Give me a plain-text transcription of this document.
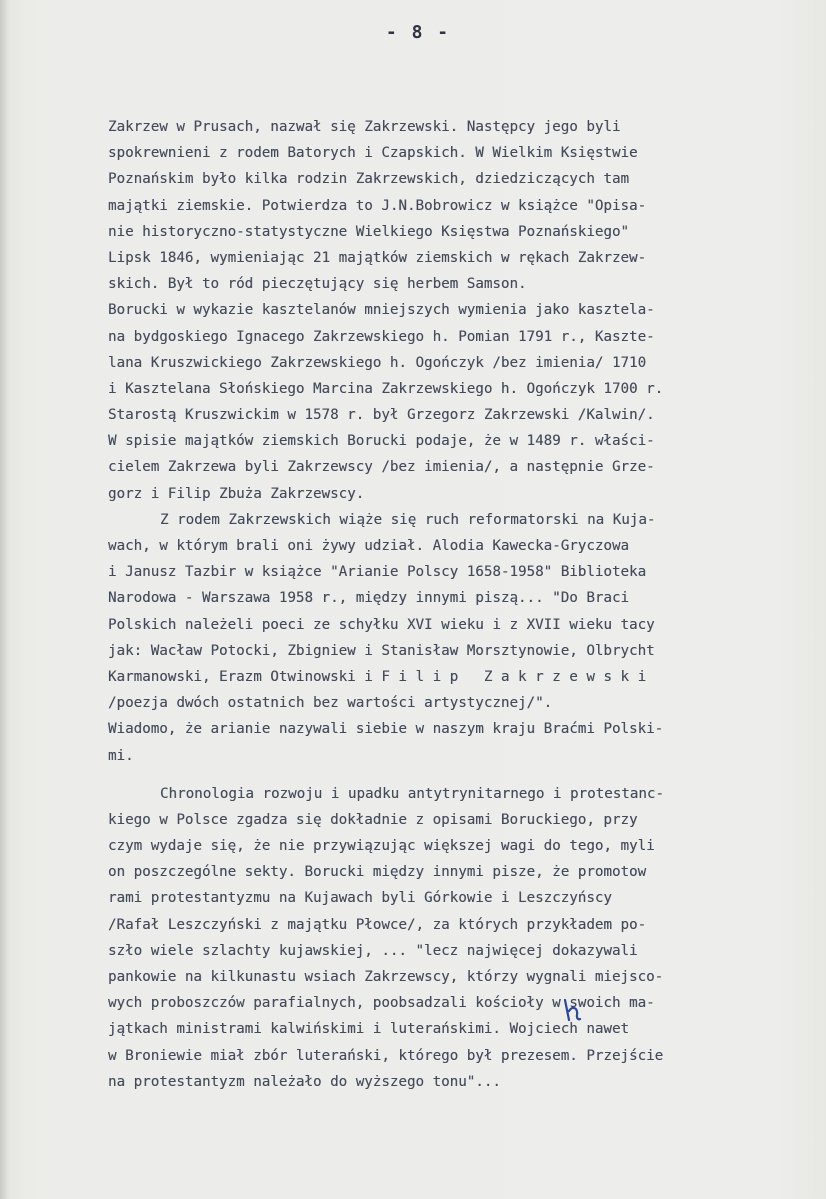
- 8 -
Zakrzew w Prusach, nazwał się Zakrzewski. Następcy jego byli
spokrewnieni z rodem Batorych i Czapskich. W Wielkim Księstwie
Poznańskim było kilka rodzin Zakrzewskich, dziedziczących tam
majątki ziemskie. Potwierdza to J.N.Bobrowicz w książce "Opisa-
nie historyczno-statystyczne Wielkiego Księstwa Poznańskiego"
Lipsk 1846, wymieniając 21 majątków ziemskich w rękach Zakrzew-
skich. Był to ród pieczętujący się herbem Samson.
Borucki w wykazie kasztelanów mniejszych wymienia jako kasztela-
na bydgoskiego Ignacego Zakrzewskiego h. Pomian 1791 r., Kaszte-
lana Kruszwickiego Zakrzewskiego h. Ogończyk /bez imienia/ 1710
i Kasztelana Słońskiego Marcina Zakrzewskiego h. Ogończyk 1700 r.
Starostą Kruszwickim w 1578 r. był Grzegorz Zakrzewski /Kalwin/.
W spisie majątków ziemskich Borucki podaje, że w 1489 r. właści-
cielem Zakrzewa byli Zakrzewscy /bez imienia/, a następnie Grze-
gorz i Filip Zbuża Zakrzewscy.
Z rodem Zakrzewskich wiąże się ruch reformatorski na Kuja-
wach, w którym brali oni żywy udział. Alodia Kawecka-Gryczowa
i Janusz Tazbir w książce "Arianie Polscy 1658-1958" Biblioteka
Narodowa - Warszawa 1958 r., między innymi piszą... "Do Braci
Polskich należeli poeci ze schyłku XVI wieku i z XVII wieku tacy
jak: Wacław Potocki, Zbigniew i Stanisław Morsztynowie, Olbrycht
Karmanowski, Erazm Otwinowski i F i l i p   Z a k r z e w s k i
/poezja dwóch ostatnich bez wartości artystycznej/".
Wiadomo, że arianie nazywali siebie w naszym kraju Braćmi Polski-
mi.
Chronologia rozwoju i upadku antytrynitarnego i protestanc-
kiego w Polsce zgadza się dokładnie z opisami Boruckiego, przy
czym wydaje się, że nie przywiązując większej wagi do tego, myli
on poszczególne sekty. Borucki między innymi pisze, że promotow
rami protestantyzmu na Kujawach byli Górkowie i Leszczyńscy
/Rafał Leszczyński z majątku Płowce/, za których przykładem po-
szło wiele szlachty kujawskiej, ... "lecz najwięcej dokazywali
pankowie na kilkunastu wsiach Zakrzewscy, którzy wygnali miejsco-
wych proboszczów parafialnych, poobsadzali kościoły w swoich ma-
jątkach ministrami kalwińskimi i luterańskimi. Wojciech nawet
w Broniewie miał zbór luterański, którego był prezesem. Przejście
na protestantyzm należało do wyższego tonu"...
